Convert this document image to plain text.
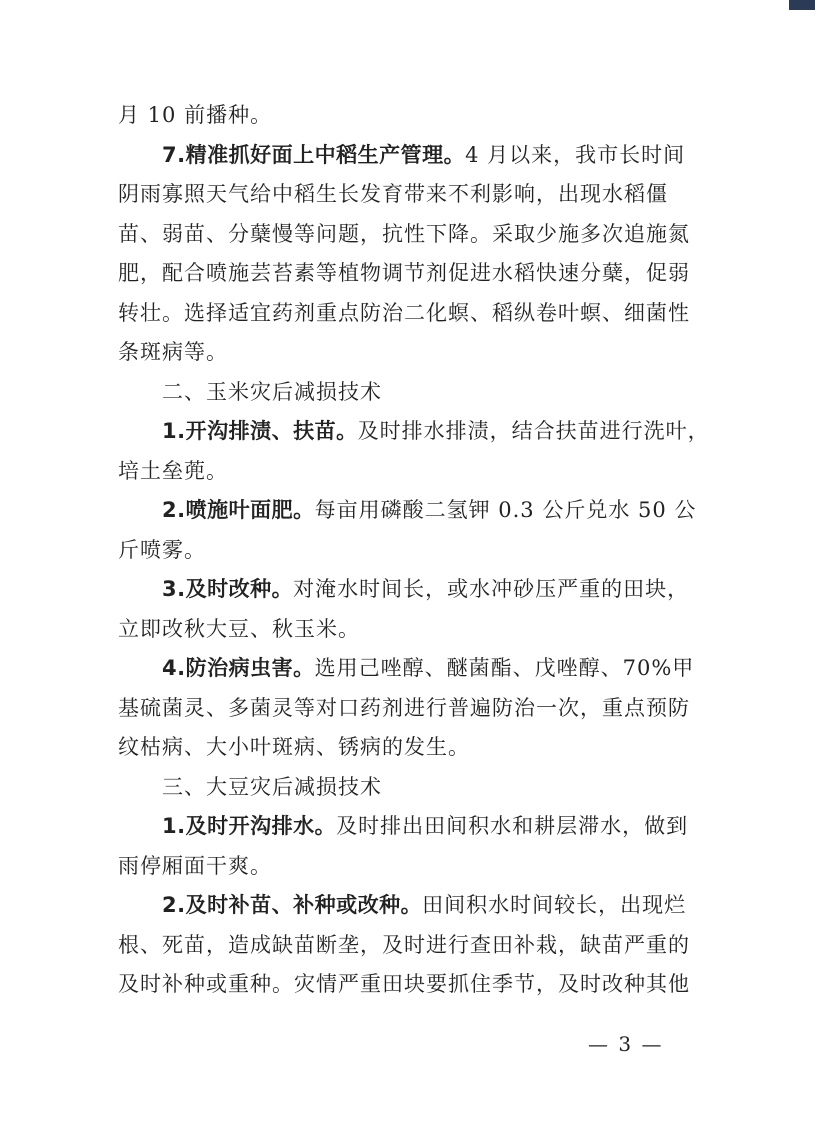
月 10 前播种。
7.精准抓好面上中稻生产管理。4 月以来，我市长时间
阴雨寡照天气给中稻生长发育带来不利影响，出现水稻僵
苗、弱苗、分蘖慢等问题，抗性下降。采取少施多次追施氮
肥，配合喷施芸苔素等植物调节剂促进水稻快速分蘖，促弱
转壮。选择适宜药剂重点防治二化螟、稻纵卷叶螟、细菌性
条斑病等。
二、玉米灾后减损技术
1.开沟排渍、扶苗。及时排水排渍，结合扶苗进行洗叶，
培土垒蔸。
2.喷施叶面肥。每亩用磷酸二氢钾 0.3 公斤兑水 50 公
斤喷雾。
3.及时改种。对淹水时间长，或水冲砂压严重的田块，
立即改秋大豆、秋玉米。
4.防治病虫害。选用己唑醇、醚菌酯、戊唑醇、70%甲
基硫菌灵、多菌灵等对口药剂进行普遍防治一次，重点预防
纹枯病、大小叶斑病、锈病的发生。
三、大豆灾后减损技术
1.及时开沟排水。及时排出田间积水和耕层滞水，做到
雨停厢面干爽。
2.及时补苗、补种或改种。田间积水时间较长，出现烂
根、死苗，造成缺苗断垄，及时进行查田补栽，缺苗严重的
及时补种或重种。灾情严重田块要抓住季节，及时改种其他
— 3 —
